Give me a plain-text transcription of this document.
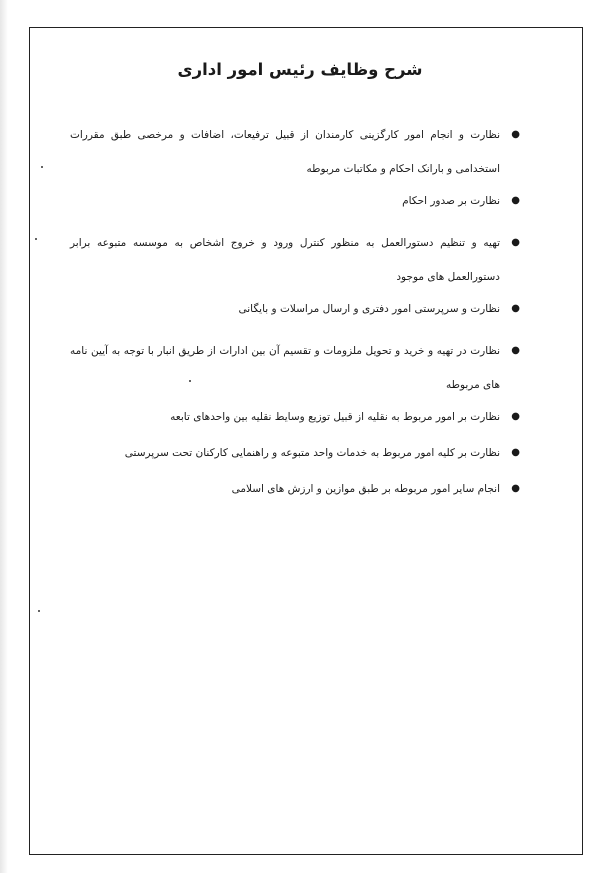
شرح وظایف رئیس امور اداری
●
نظارت و انجام امور کارگزینی کارمندان از قبیل ترفیعات، اضافات و مرخصی طبق مقررات استخدامی و بارانک احکام و مکاتبات مربوطه
●
نظارت بر صدور احکام
●
تهیه و تنظیم دستورالعمل به منظور کنترل ورود و خروج اشخاص به موسسه متبوعه برابر دستورالعمل های موجود
●
نظارت و سرپرستی امور دفتری و ارسال مراسلات و بایگانی
●
نظارت در تهیه و خرید و تحویل ملزومات و تقسیم آن بین ادارات از طریق انبار با توجه به آیین نامه های مربوطه
●
نظارت بر امور مربوط به نقلیه از قبیل توزیع وسایط نقلیه بین واحدهای تابعه
●
نظارت بر کلیه امور مربوط به خدمات واحد متبوعه و راهنمایی کارکنان تحت سرپرستی
●
انجام سایر امور مربوطه بر طبق موازین و ارزش های اسلامی
